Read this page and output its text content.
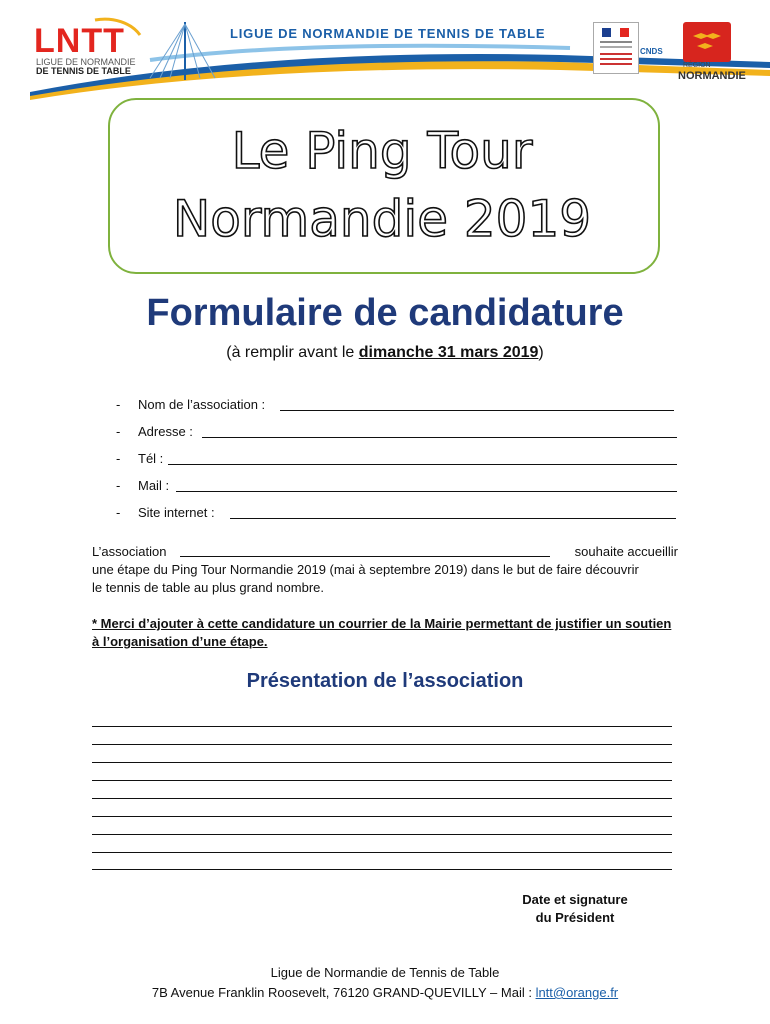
LNTT
LIGUE DE NORMANDIE
DE TENNIS DE TABLE
LIGUE DE NORMANDIE DE TENNIS DE TABLE
CNDS
RÉGION
NORMANDIE
Le Ping Tour
Normandie 2019
Formulaire de candidature
(à remplir avant le dimanche 31 mars 2019)
- Nom de l’association :
- Adresse :
- Tél :
- Mail :
- Site internet :
L’association	souhaite accueillir
une étape du Ping Tour Normandie 2019 (mai à septembre 2019) dans le but de faire découvrir
le tennis de table au plus grand nombre.
* Merci d’ajouter à cette candidature un courrier de la Mairie permettant de justifier un soutien à l’organisation d’une étape.
Présentation de l’association
Date et signature
du Président
Ligue de Normandie de Tennis de Table
7B Avenue Franklin Roosevelt, 76120 GRAND-QUEVILLY – Mail : lntt@orange.fr
